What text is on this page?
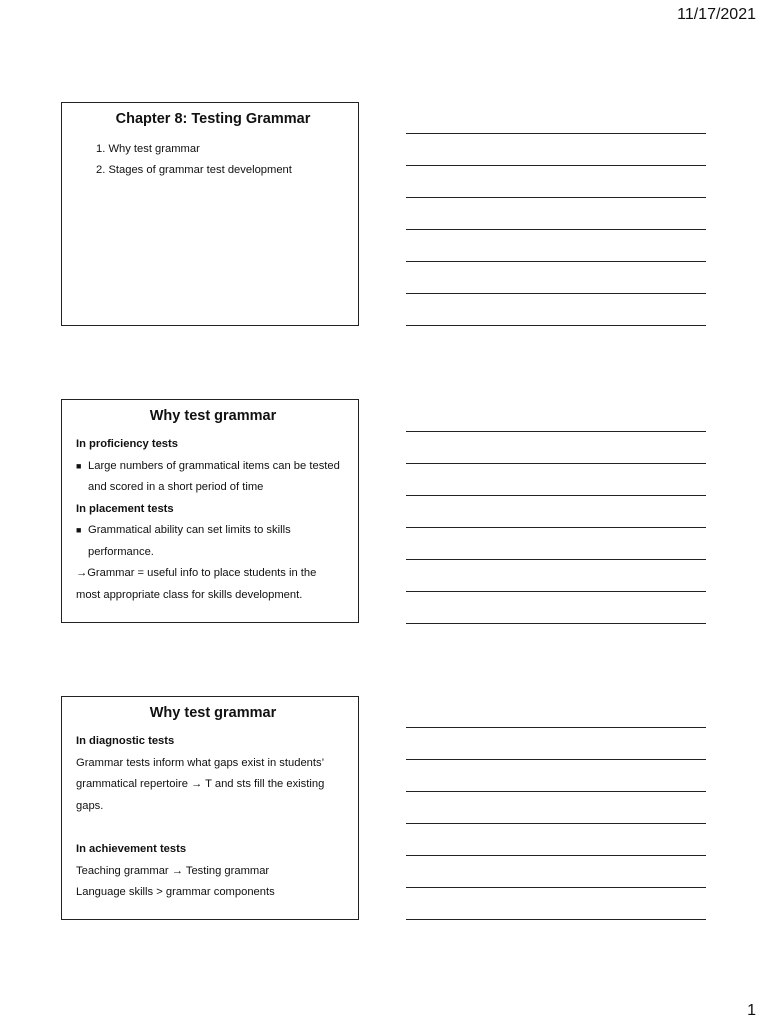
11/17/2021
Chapter 8: Testing Grammar

1. Why test grammar

2. Stages of grammar test development

Why test grammar

In proficiency tests

■ Large numbers of grammatical items can be tested

and scored in a short period of time

In placement tests

■ Grammatical ability can set limits to skills

performance.

→Grammar = useful info to place students in the

most appropriate class for skills development.

Why test grammar

In diagnostic tests

Grammar tests inform what gaps exist in students’

grammatical repertoire → T and sts fill the existing

gaps.

In achievement tests

Teaching grammar → Testing grammar

Language skills > grammar components

1
